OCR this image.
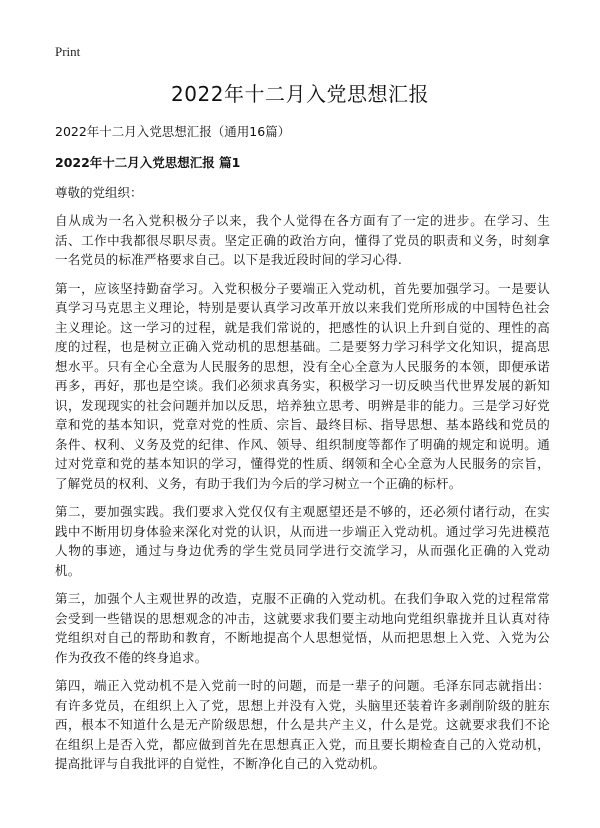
Print
2022年十二月入党思想汇报
2022年十二月入党思想汇报（通用16篇）
2022年十二月入党思想汇报 篇1
尊敬的党组织：

自从成为一名入党积极分子以来，我个人觉得在各方面有了一定的进步。在学习、生活、工作中我都很尽职尽责。坚定正确的政治方向，懂得了党员的职责和义务，时刻拿一名党员的标准严格要求自己。以下是我近段时间的学习心得.

第一，应该坚持勤奋学习。入党积极分子要端正入党动机，首先要加强学习。一是要认真学习马克思主义理论，特别是要认真学习改革开放以来我们党所形成的中国特色社会主义理论。这一学习的过程，就是我们常说的，把感性的认识上升到自觉的、理性的高度的过程，也是树立正确入党动机的思想基础。二是要努力学习科学文化知识，提高思想水平。只有全心全意为人民服务的思想，没有全心全意为人民服务的本领，即便承诺再多，再好，那也是空谈。我们必须求真务实，积极学习一切反映当代世界发展的新知识，发现现实的社会问题并加以反思，培养独立思考、明辨是非的能力。三是学习好党章和党的基本知识，党章对党的性质、宗旨、最终目标、指导思想、基本路线和党员的条件、权利、义务及党的纪律、作风、领导、组织制度等都作了明确的规定和说明。通过对党章和党的基本知识的学习，懂得党的性质、纲领和全心全意为人民服务的宗旨，了解党员的权利、义务，有助于我们为今后的学习树立一个正确的标杆。

第二，要加强实践。我们要求入党仅仅有主观愿望还是不够的，还必须付诸行动，在实践中不断用切身体验来深化对党的认识，从而进一步端正入党动机。通过学习先进模范人物的事迹，通过与身边优秀的学生党员同学进行交流学习，从而强化正确的入党动机。

第三，加强个人主观世界的改造，克服不正确的入党动机。在我们争取入党的过程常常会受到一些错误的思想观念的冲击，这就要求我们要主动地向党组织靠拢并且认真对待党组织对自己的帮助和教育，不断地提高个人思想觉悟，从而把思想上入党、入党为公作为孜孜不倦的终身追求。

第四，端正入党动机不是入党前一时的问题，而是一辈子的问题。毛泽东同志就指出：有许多党员，在组织上入了党，思想上并没有入党，头脑里还装着许多剥削阶级的脏东西，根本不知道什么是无产阶级思想，什么是共产主义，什么是党。这就要求我们不论在组织上是否入党，都应做到首先在思想真正入党，而且要长期检查自己的入党动机，提高批评与自我批评的自觉性，不断净化自己的入党动机。
